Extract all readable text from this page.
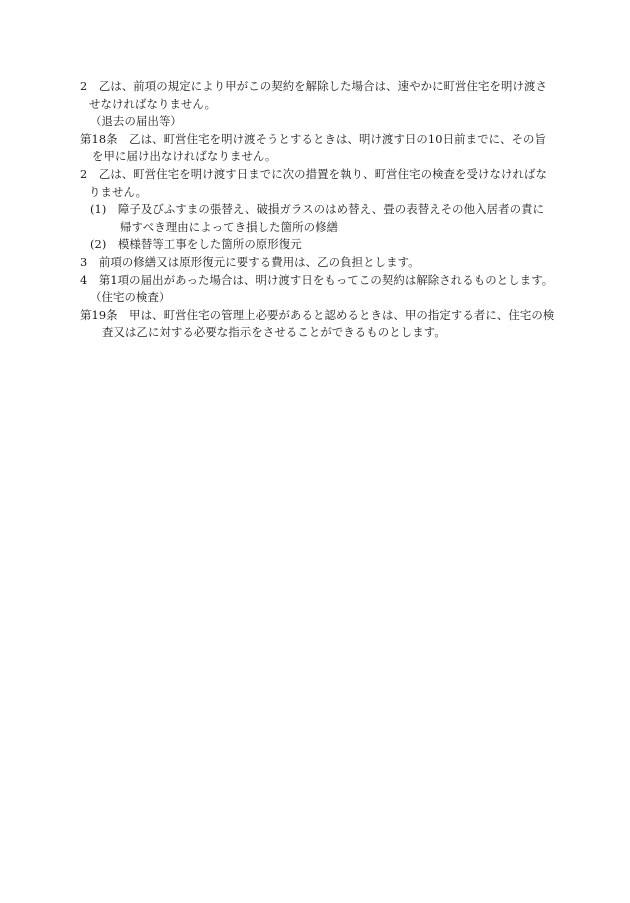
2　乙は、前項の規定により甲がこの契約を解除した場合は、速やかに町営住宅を明け渡させなければなりません。

（退去の届出等）

第18条　乙は、町営住宅を明け渡そうとするときは、明け渡す日の10日前までに、その旨を甲に届け出なければなりません。

2　乙は、町営住宅を明け渡す日までに次の措置を執り、町営住宅の検査を受けなければなりません。

(1)　障子及びふすまの張替え、破損ガラスのはめ替え、畳の表替えその他入居者の責に帰すべき理由によってき損した箇所の修繕

(2)　模様替等工事をした箇所の原形復元

3　前項の修繕又は原形復元に要する費用は、乙の負担とします。

4　第1項の届出があった場合は、明け渡す日をもってこの契約は解除されるものとします。

（住宅の検査）

第19条　甲は、町営住宅の管理上必要があると認めるときは、甲の指定する者に、住宅の検査又は乙に対する必要な指示をさせることができるものとします。
